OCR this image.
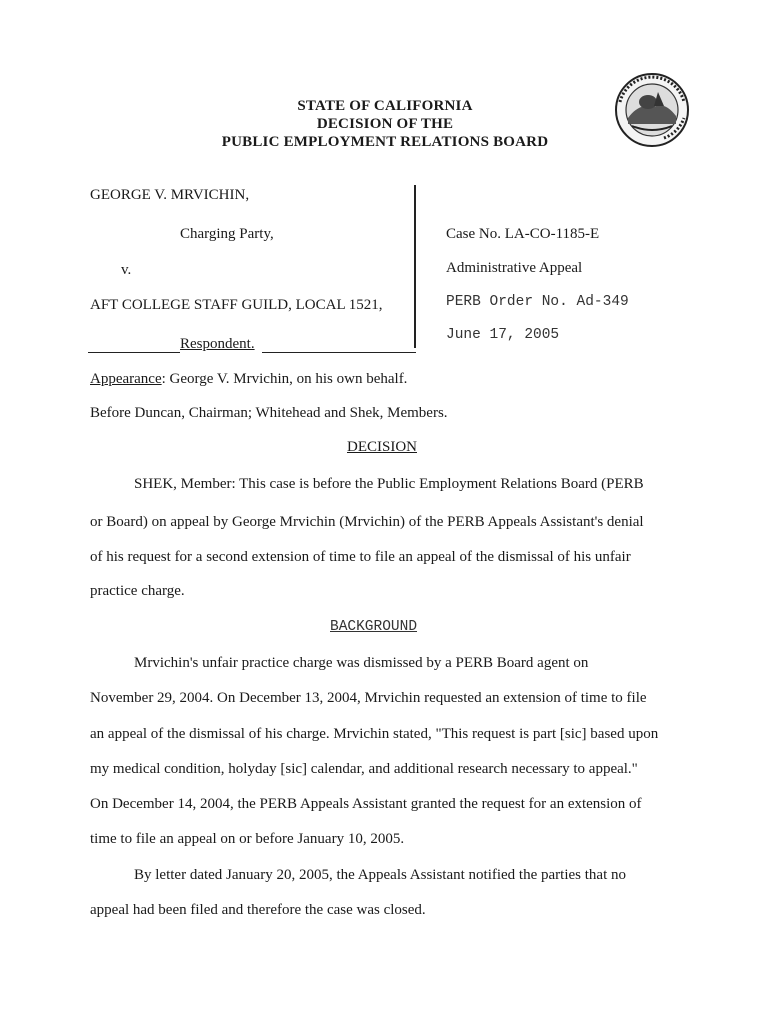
STATE OF CALIFORNIA
DECISION OF THE
PUBLIC EMPLOYMENT RELATIONS BOARD
GEORGE V. MRVICHIN,
Charging Party,
v.
AFT COLLEGE STAFF GUILD, LOCAL 1521,
Respondent.
Case No. LA-CO-1185-E
Administrative Appeal
PERB Order No. Ad-349
June 17, 2005
Appearance: George V. Mrvichin, on his own behalf.
Before Duncan, Chairman; Whitehead and Shek, Members.
DECISION
SHEK, Member: This case is before the Public Employment Relations Board (PERB
or Board) on appeal by George Mrvichin (Mrvichin) of the PERB Appeals Assistant's denial
of his request for a second extension of time to file an appeal of the dismissal of his unfair
practice charge.
BACKGROUND
Mrvichin's unfair practice charge was dismissed by a PERB Board agent on
November 29, 2004. On December 13, 2004, Mrvichin requested an extension of time to file
an appeal of the dismissal of his charge. Mrvichin stated, "This request is part [sic] based upon
my medical condition, holyday [sic] calendar, and additional research necessary to appeal."
On December 14, 2004, the PERB Appeals Assistant granted the request for an extension of
time to file an appeal on or before January 10, 2005.
By letter dated January 20, 2005, the Appeals Assistant notified the parties that no
appeal had been filed and therefore the case was closed.
